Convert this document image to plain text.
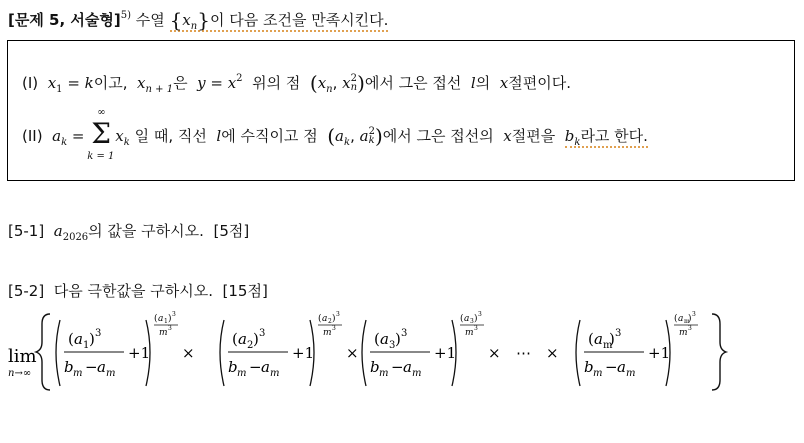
[문제 5, 서술형]$^{5)}$ 수열 $\{x_n\}$이 다음 조건을 만족시킨다.
(I) $x_1 = k$이고, $x_{n + 1}$은 $y = x^2$ 위의 점 ($x_n$, x 2
n )에서 그은 접선 l의 x절편이다.
(II) $a_k$ =
∞
Σ
k = 1
$x_k$ 일 때, 직선 l에 수직이고 점 ($a_k$, a 2
k )에서 그은 접선의 x절편을 $b_k$라고 한다.
[5-1] $a_{2026}$의 값을 구하시오. [5점]
[5-2] 다음 극한값을 구하시오. [15점]
lim
n→∞
( a 1 ) 3
b m − a m
+1
( a 1 ) 3
m 3
×
( a 2 ) 3
b m − a m
+1
( a 2 ) 3
m 3
×
( a 3 ) 3
b m − a m
+1
( a 3 ) 3
m 3
× ⋯ ×
( a m
) 3
b m − a m
+1
( a m
) 3
m 3
